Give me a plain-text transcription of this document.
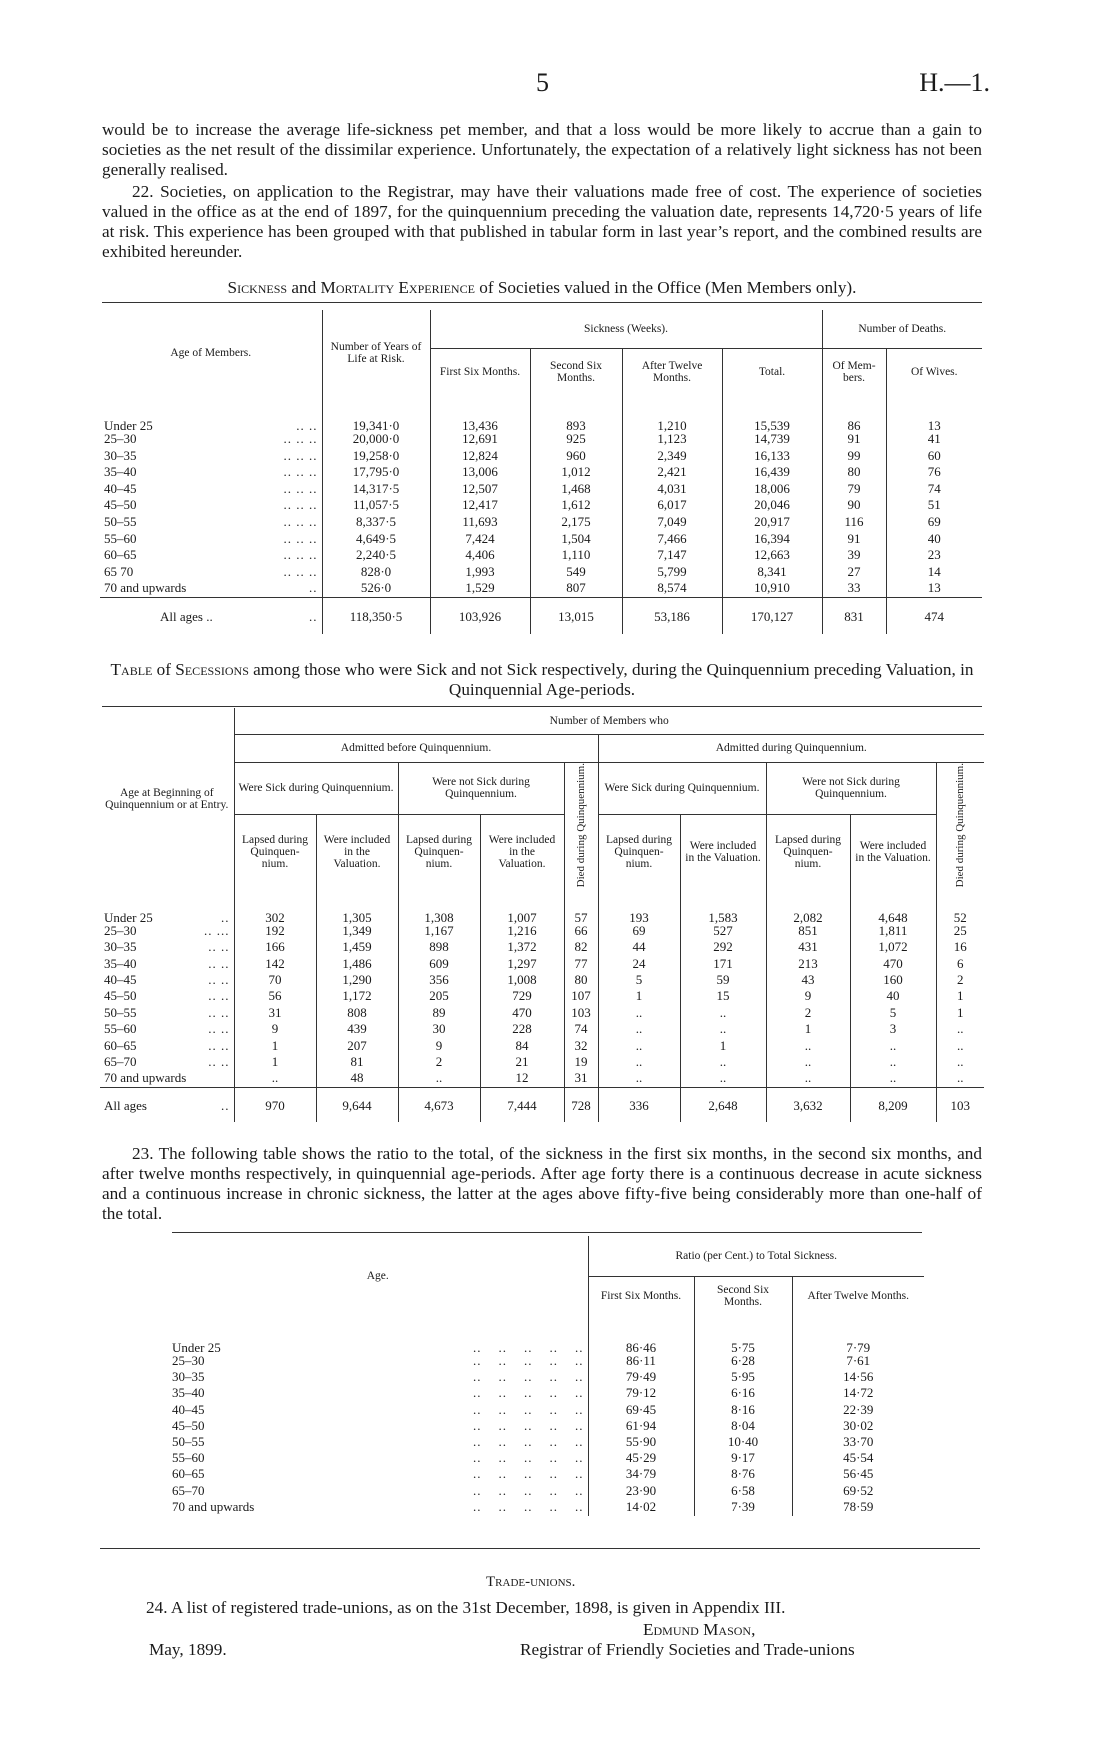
5	H.—1.
would be to increase the average life-sickness pet member, and that a loss would be more likely to accrue than a gain to societies as the net result of the dissimilar experience. Unfortunately, the expectation of a relatively light sickness has not been generally realised.
22. Societies, on application to the Registrar, may have their valuations made free of cost. The experience of societies valued in the office as at the end of 1897, for the quinquennium preceding the valuation date, represents 14,720·5 years of life at risk. This experience has been grouped with that published in tabular form in last year’s report, and the combined results are exhibited hereunder.
Sickness and Mortality Experience of Societies valued in the Office (Men Members only).
Age of Members.	Number of Years of Life at Risk.	Sickness (Weeks).				Number of Deaths.	
		First Six Months.	Second Six Months.	After Twelve Months.	Total.	Of Mem- bers.	Of Wives.
Under 25 .. ..	19,341·0	13,436	893	1,210	15,539	86	13
25–30 .. .. ..	20,000·0	12,691	925	1,123	14,739	91	41
30–35 .. .. ..	19,258·0	12,824	960	2,349	16,133	99	60
35–40 .. .. ..	17,795·0	13,006	1,012	2,421	16,439	80	76
40–45 .. .. ..	14,317·5	12,507	1,468	4,031	18,006	79	74
45–50 .. .. ..	11,057·5	12,417	1,612	6,017	20,046	90	51
50–55 .. .. ..	8,337·5	11,693	2,175	7,049	20,917	116	69
55–60 .. .. ..	4,649·5	7,424	1,504	7,466	16,394	91	40
60–65 .. .. ..	2,240·5	4,406	1,110	7,147	12,663	39	23
65 70 .. .. ..	828·0	1,993	549	5,799	8,341	27	14
70 and upwards ..	526·0	1,529	807	8,574	10,910	33	13
All ages .. ..	118,350·5	103,926	13,015	53,186	170,127	831	474
Table of Secessions among those who were Sick and not Sick respectively, during the Quinquennium preceding Valuation, in Quinquennial Age-periods.
Age at Beginning of Quinquennium or at Entry.	Number of Members who									
	Admitted before Quinquennium.					Admitted during Quinquennium.				
	Were Sick during Quinquennium.		Were not Sick during Quinquennium.		Died during Quinquennium.	Were Sick during Quinquennium.		Were not Sick during Quinquennium.		Died during Quinquennium.
	Lapsed during Quinquen- nium.	Were included in the Valuation.	Lapsed during Quinquen- nium.	Were included in the Valuation.		Lapsed during Quinquen- nium.	Were included in the Valuation.	Lapsed during Quinquen- nium.	Were included in the Valuation.	
Under 25 ..	302	1,305	1,308	1,007	57	193	1,583	2,082	4,648	52
25–30 .. ...	192	1,349	1,167	1,216	66	69	527	851	1,811	25
30–35 .. ..	166	1,459	898	1,372	82	44	292	431	1,072	16
35–40 .. ..	142	1,486	609	1,297	77	24	171	213	470	6
40–45 .. ..	70	1,290	356	1,008	80	5	59	43	160	2
45–50 .. ..	56	1,172	205	729	107	1	15	9	40	1
50–55 .. ..	31	808	89	470	103	..	..	2	5	1
55–60 .. ..	9	439	30	228	74	..	..	1	3	..
60–65 .. ..	1	207	9	84	32	..	1	..	..	..
65–70 .. ..	1	81	2	21	19	..	..	..	..	..
70 and upwards	..	48	..	12	31	..	..	..	..	..
All ages ..	970	9,644	4,673	7,444	728	336	2,648	3,632	8,209	103
23. The following table shows the ratio to the total, of the sickness in the first six months, in the second six months, and after twelve months respectively, in quinquennial age-periods. After age forty there is a continuous decrease in acute sickness and a continuous increase in chronic sickness, the latter at the ages above fifty-five being considerably more than one-half of the total.
Age.	Ratio (per Cent.) to Total Sickness.		
	First Six Months.	Second Six Months.	After Twelve Months.
Under 25 ..    ..    ..    ..    ..	86·46	5·75	7·79
25–30 ..    ..    ..    ..    ..	86·11	6·28	7·61
30–35 ..    ..    ..    ..    ..	79·49	5·95	14·56
35–40 ..    ..    ..    ..    ..	79·12	6·16	14·72
40–45 ..    ..    ..    ..    ..	69·45	8·16	22·39
45–50 ..    ..    ..    ..    ..	61·94	8·04	30·02
50–55 ..    ..    ..    ..    ..	55·90	10·40	33·70
55–60 ..    ..    ..    ..    ..	45·29	9·17	45·54
60–65 ..    ..    ..    ..    ..	34·79	8·76	56·45
65–70 ..    ..    ..    ..    ..	23·90	6·58	69·52
70 and upwards ..    ..    ..    ..    ..	14·02	7·39	78·59
Trade-unions.
24. A list of registered trade-unions, as on the 31st December, 1898, is given in Appendix III.
Edmund Mason,
May, 1899.	Registrar of Friendly Societies and Trade-unions
